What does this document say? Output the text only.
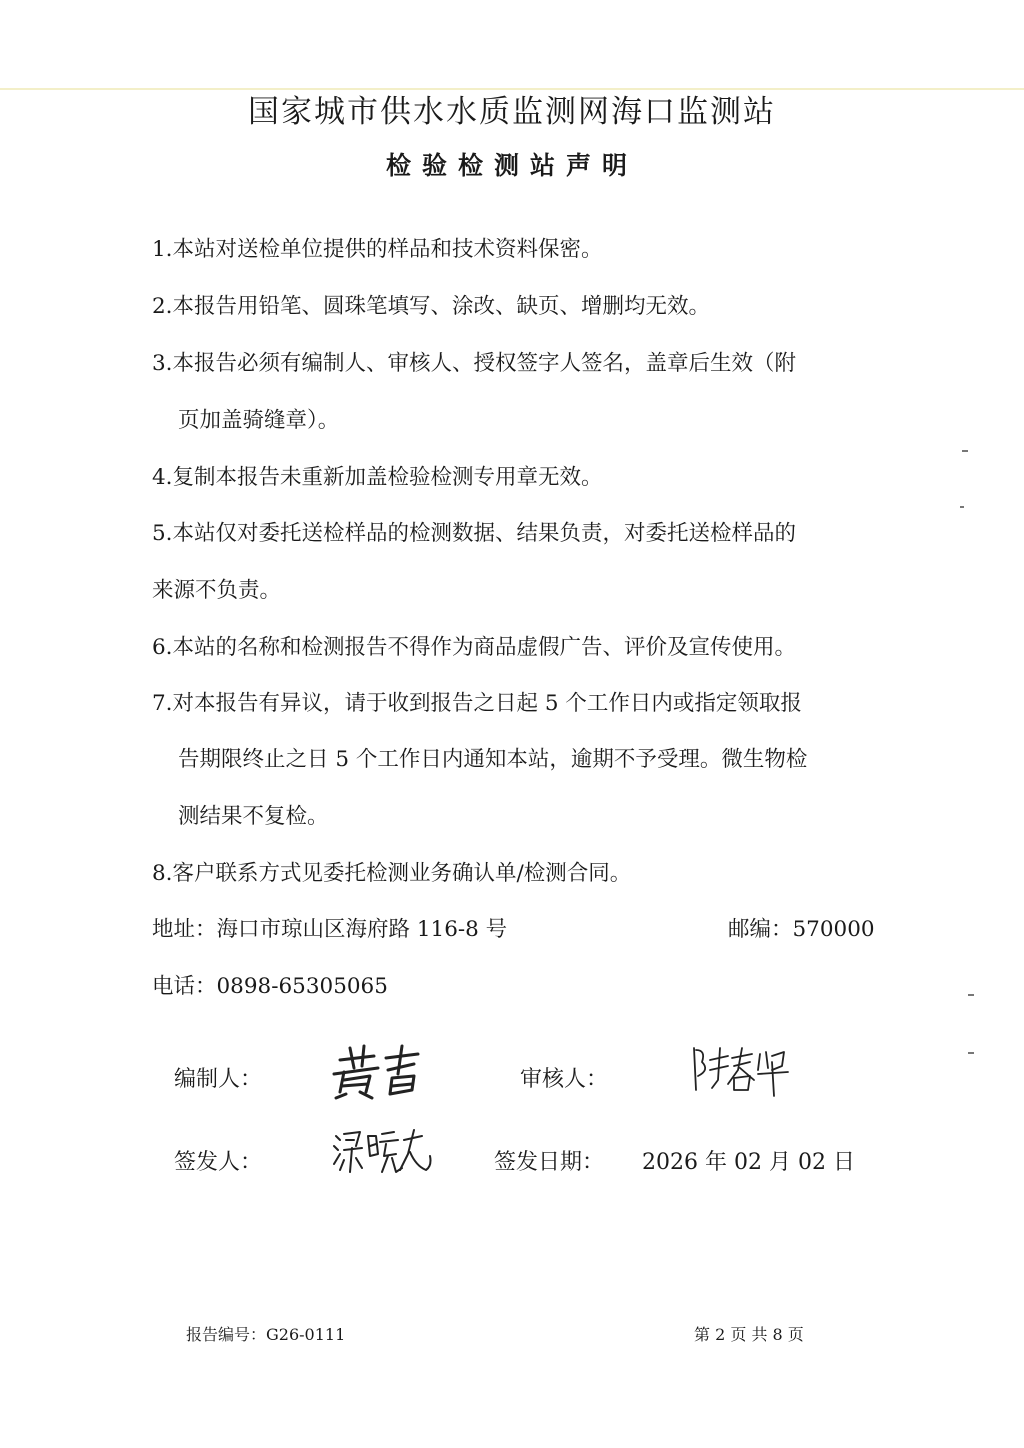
国家城市供水水质监测网海口监测站
检验检测站声明
1.本站对送检单位提供的样品和技术资料保密。
2.本报告用铅笔、圆珠笔填写、涂改、缺页、增删均无效。
3.本报告必须有编制人、审核人、授权签字人签名，盖章后生效（附
页加盖骑缝章）。
4.复制本报告未重新加盖检验检测专用章无效。
5.本站仅对委托送检样品的检测数据、结果负责，对委托送检样品的
来源不负责。
6.本站的名称和检测报告不得作为商品虚假广告、评价及宣传使用。
7.对本报告有异议，请于收到报告之日起 5 个工作日内或指定领取报
告期限终止之日 5 个工作日内通知本站，逾期不予受理。微生物检
测结果不复检。
8.客户联系方式见委托检测业务确认单/检测合同。
地址：海口市琼山区海府路 116-8 号	邮编：570000
电话：0898-65305065
编制人：	审核人：
签发人：	签发日期： 2026 年 02 月 02 日
报告编号：G26-0111	第 2 页 共 8 页
